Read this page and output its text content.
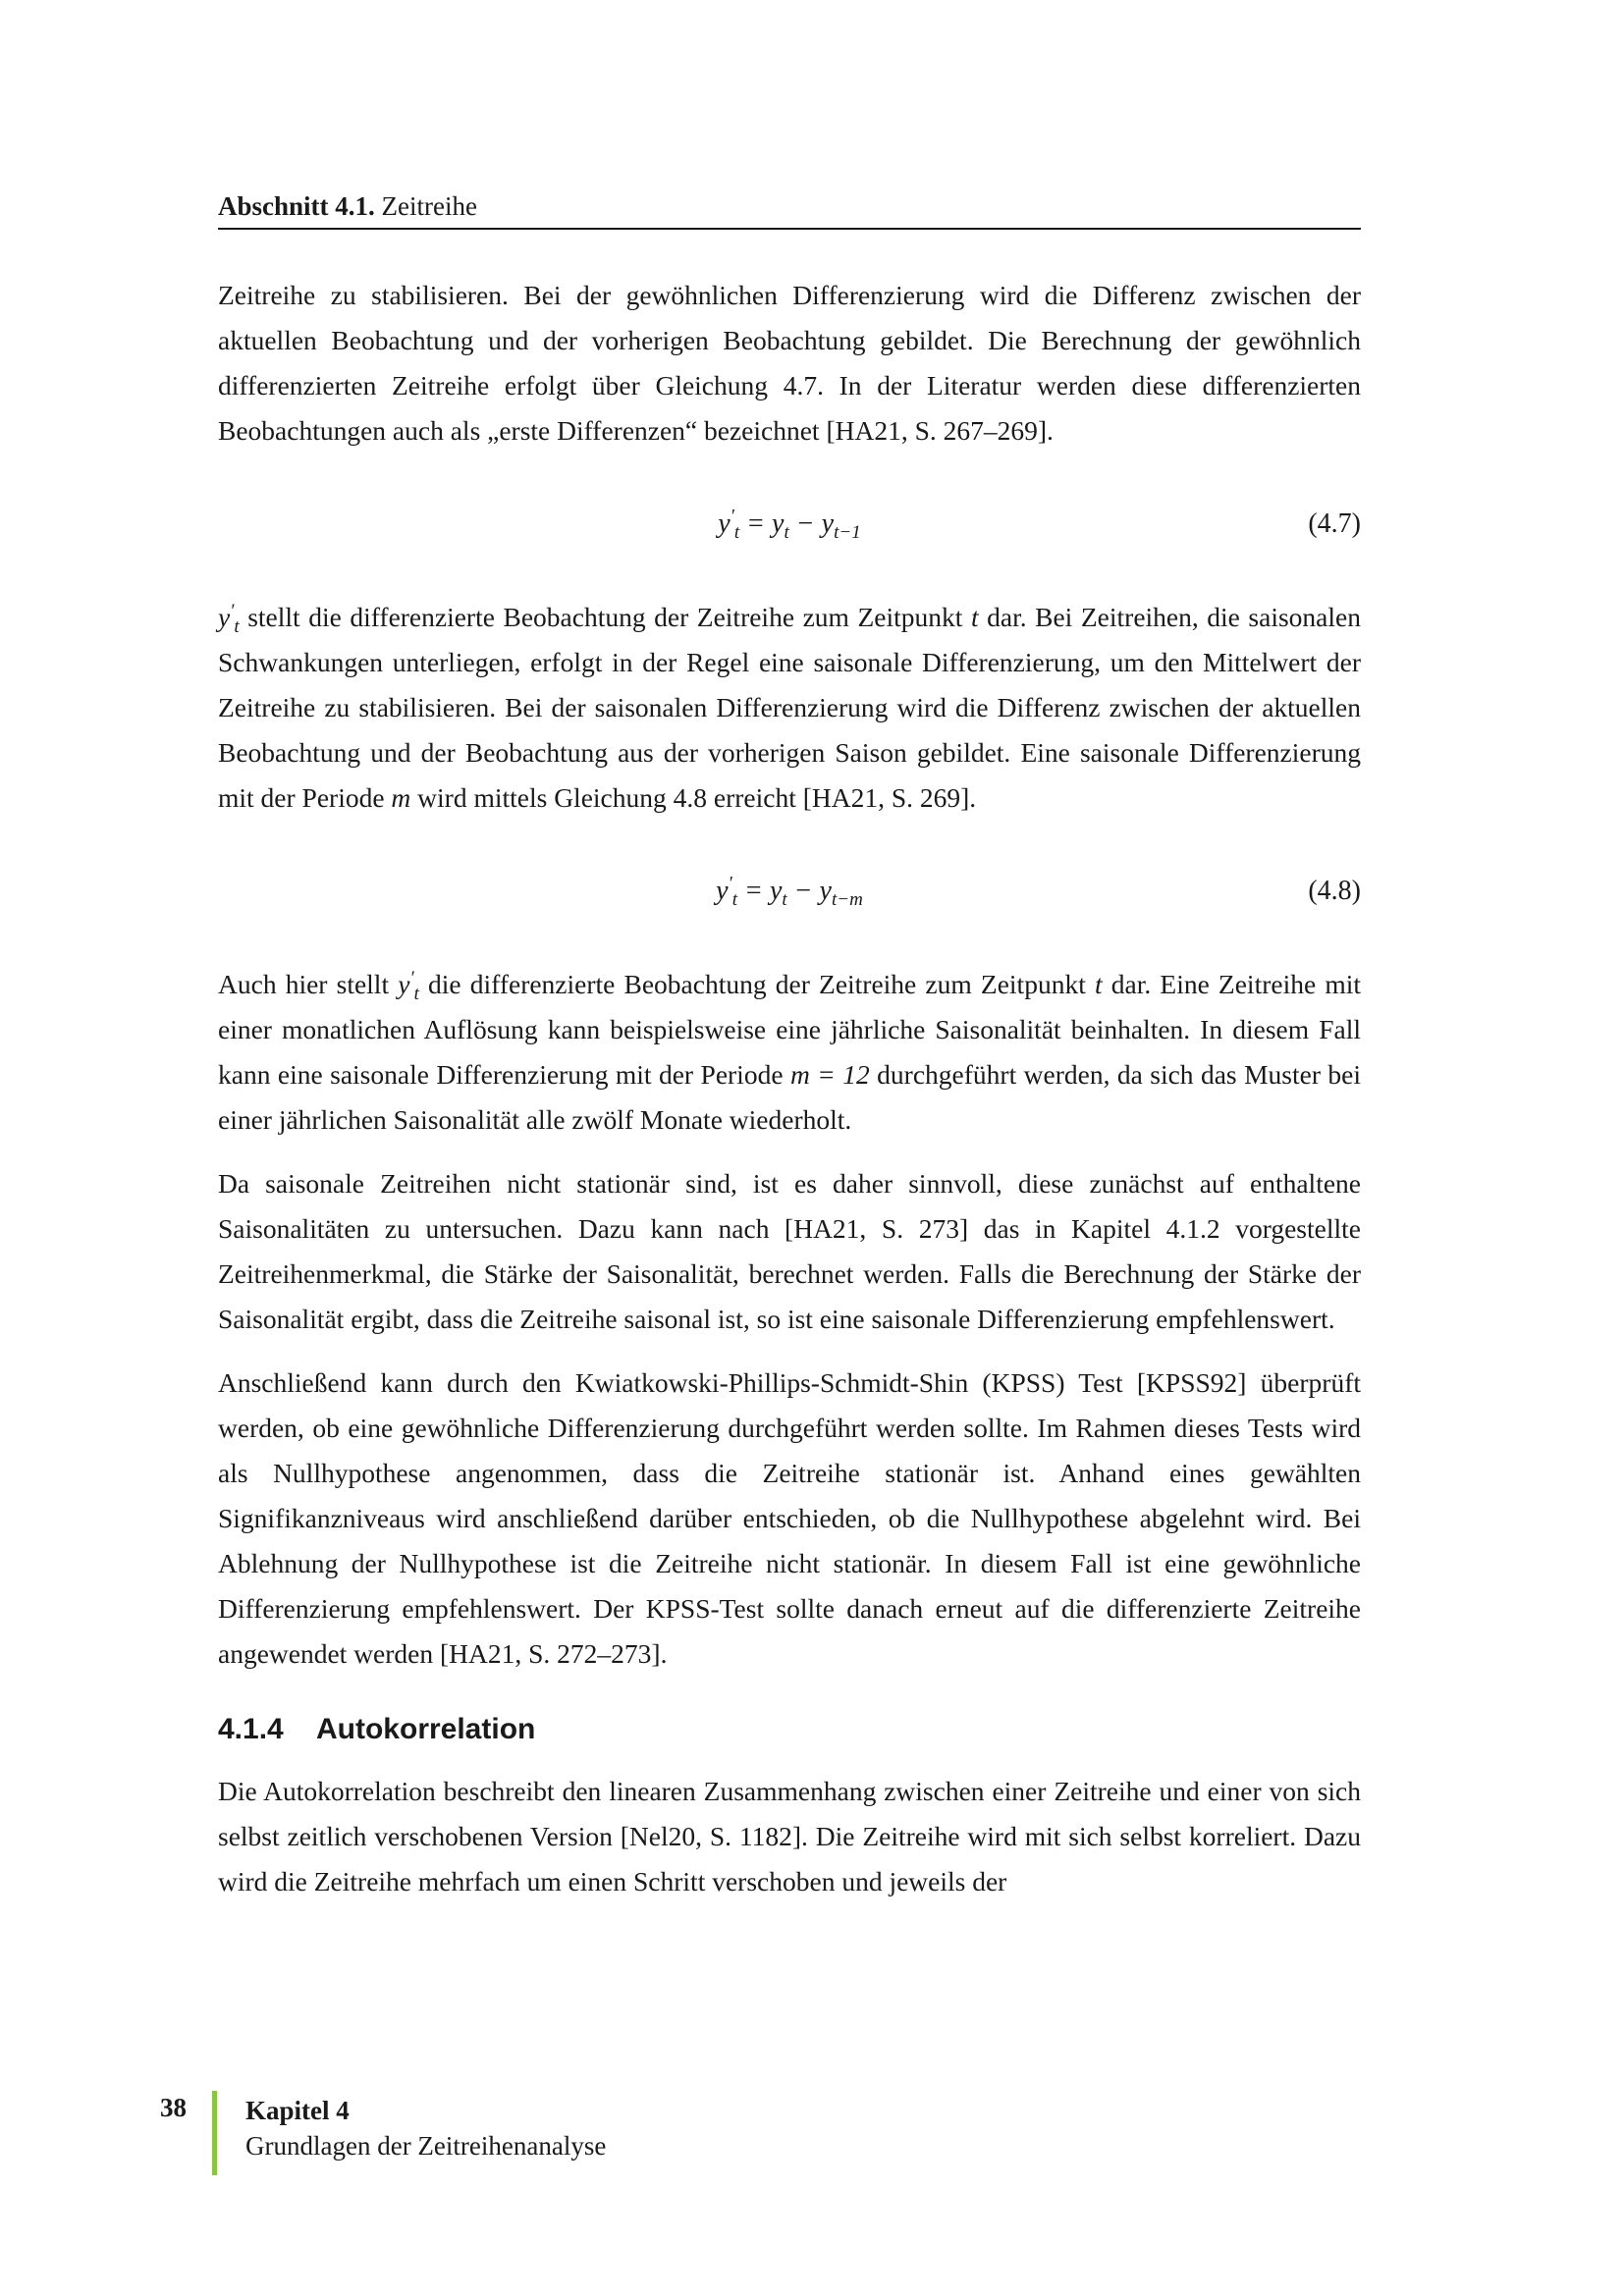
Abschnitt 4.1. Zeitreihe

Zeitreihe zu stabilisieren. Bei der gewöhnlichen Differenzierung wird die Differenz zwischen der aktuellen Beobachtung und der vorherigen Beobachtung gebildet. Die Berechnung der gewöhnlich differenzierten Zeitreihe erfolgt über Gleichung 4.7. In der Literatur werden diese differenzierten Beobachtungen auch als „erste Differenzen“ bezeichnet [HA21, S. 267–269].

$y'_t = y_t - y_{t-1}$	(4.7)

$y'_t$ stellt die differenzierte Beobachtung der Zeitreihe zum Zeitpunkt t dar. Bei Zeitreihen, die saisonalen Schwankungen unterliegen, erfolgt in der Regel eine saisonale Differenzierung, um den Mittelwert der Zeitreihe zu stabilisieren. Bei der saisonalen Differenzierung wird die Differenz zwischen der aktuellen Beobachtung und der Beobachtung aus der vorherigen Saison gebildet. Eine saisonale Differenzierung mit der Periode m wird mittels Gleichung 4.8 erreicht [HA21, S. 269].

$y'_t = y_t - y_{t-m}$	(4.8)

Auch hier stellt $y'_t$ die differenzierte Beobachtung der Zeitreihe zum Zeitpunkt t dar. Eine Zeitreihe mit einer monatlichen Auflösung kann beispielsweise eine jährliche Saisonalität beinhalten. In diesem Fall kann eine saisonale Differenzierung mit der Periode m = 12 durchgeführt werden, da sich das Muster bei einer jährlichen Saisonalität alle zwölf Monate wiederholt.

Da saisonale Zeitreihen nicht stationär sind, ist es daher sinnvoll, diese zunächst auf enthaltene Saisonalitäten zu untersuchen. Dazu kann nach [HA21, S. 273] das in Kapitel 4.1.2 vorgestellte Zeitreihenmerkmal, die Stärke der Saisonalität, berechnet werden. Falls die Berechnung der Stärke der Saisonalität ergibt, dass die Zeitreihe saisonal ist, so ist eine saisonale Differenzierung empfehlenswert.

Anschließend kann durch den Kwiatkowski-Phillips-Schmidt-Shin (KPSS) Test [KPSS92] überprüft werden, ob eine gewöhnliche Differenzierung durchgeführt werden sollte. Im Rahmen dieses Tests wird als Nullhypothese angenommen, dass die Zeitreihe stationär ist. Anhand eines gewählten Signifikanzniveaus wird anschließend darüber entschieden, ob die Nullhypothese abgelehnt wird. Bei Ablehnung der Nullhypothese ist die Zeitreihe nicht stationär. In diesem Fall ist eine gewöhnliche Differenzierung empfehlenswert. Der KPSS-Test sollte danach erneut auf die differenzierte Zeitreihe angewendet werden [HA21, S. 272–273].

4.1.4 Autokorrelation

Die Autokorrelation beschreibt den linearen Zusammenhang zwischen einer Zeitreihe und einer von sich selbst zeitlich verschobenen Version [Nel20, S. 1182]. Die Zeitreihe wird mit sich selbst korreliert. Dazu wird die Zeitreihe mehrfach um einen Schritt verschoben und jeweils der

38 Kapitel 4
Grundlagen der Zeitreihenanalyse
